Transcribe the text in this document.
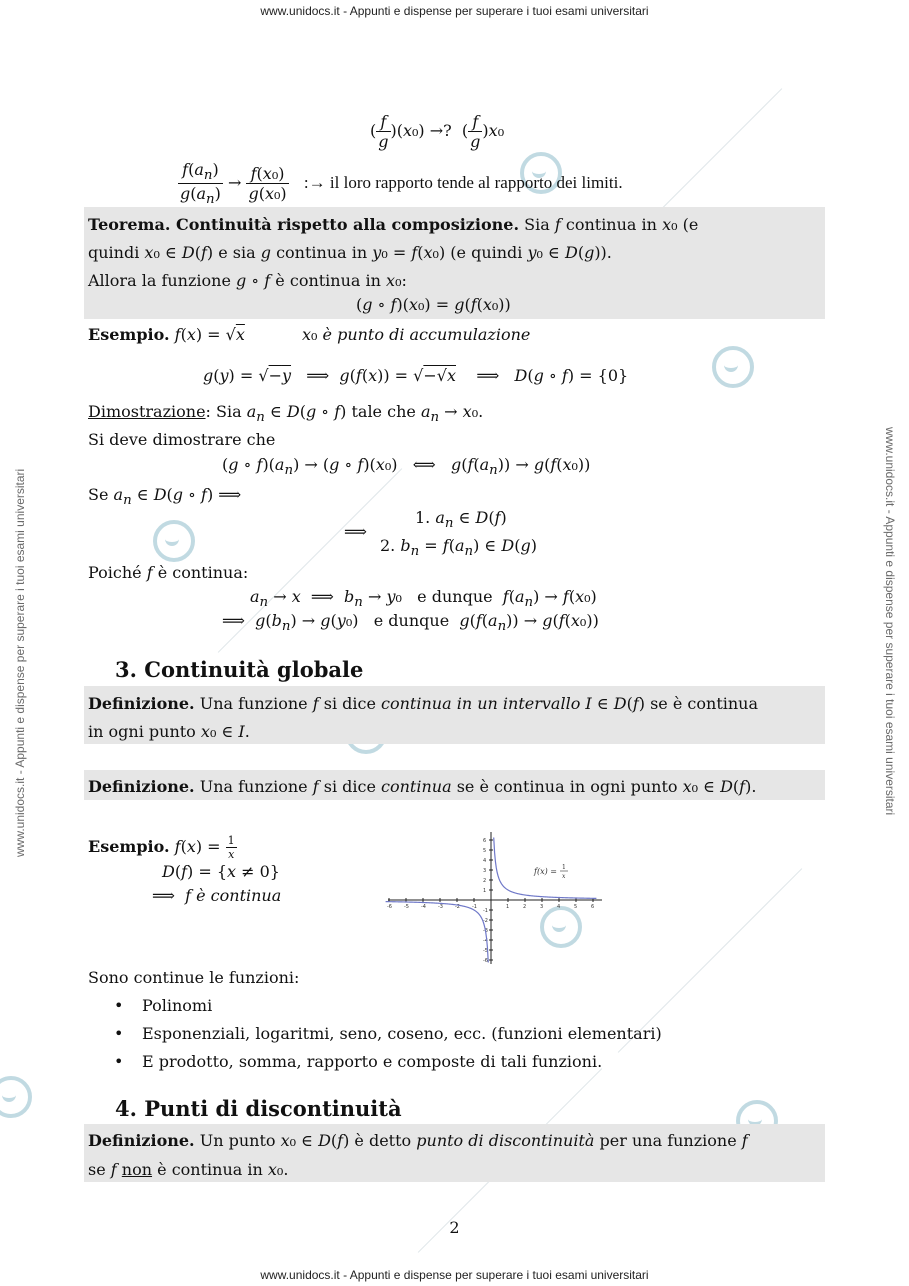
www.unidocs.it - Appunti e dispense per superare i tuoi esami universitari
www.unidocs.it - Appunti e dispense per superare i tuoi esami universitari
www.unidocs.it - Appunti e dispense per superare i tuoi esami universitari	www.unidocs.it - Appunti e dispense per superare i tuoi esami universitari
( $\frac{f}{g} )(x_0)$ →?  ( $\frac{f}{g} )x_0$
$\frac{f(a_n)}{g(a_n)} \to \frac{\text{f(x₀)}}{\text{g(x₀)}}$ :→ il loro rapporto tende al rapporto dei limiti.
Teorema. Continuità rispetto alla composizione. Sia f continua in x₀ (e
quindi x₀ ∈ D(f) e sia g continua in y₀ = f(x₀) (e quindi y₀ ∈ D(g)).
Allora la funzione g ∘ f è continua in x₀:
(g ∘ f)(x₀) = g(f(x₀))
Esempio. f(x) = √x	x₀ è punto di accumulazione
g(y) = √−y   ⟹  g(f(x)) = √−√x    ⟹   D(g ∘ f) = {0}
Dimostrazione: Sia $a_n$ ∈ D(g ∘ f) tale che $a_n \to x_0$.
Si deve dimostrare che
(g ∘ $f)(a_n) \to (g$ ∘ f)(x₀)   ⟺   $g(f(a_n)) \to g(f(x_0))$
Se $a_n$ ∈ D(g ∘ f) ⟹
⟹
1. $a_n$ ∈ D(f)
2. $b_n = f(a_n)$ ∈ D(g)
Poiché f è continua:
$a_n \to x$  ⟹  $b_n \to y_0$   e dunque $f(a_n) \to f(x_0)$
⟹  $g(b_n) \to g(y_0)$   e dunque $g(f(a_n)) \to g(f(x_0))$
3. Continuità globale
Definizione. Una funzione f si dice continua in un intervallo I ∈ D(f) se è continua
in ogni punto x₀ ∈ I.
Definizione. Una funzione f si dice continua se è continua in ogni punto x₀ ∈ D(f).
Esempio. $f(x) = \frac{1}{x}$
D(f) = {x ≠ 0}
⟹  f è continua
-6 -5 -4 -3 -2 -1	1	2	3	4	5	6
6
5
4
3
2
1
-1
-2
-3
-4
-5
-6
f(x) = 1
x
Sono continue le funzioni:
• Polinomi
• Esponenziali, logaritmi, seno, coseno, ecc. (funzioni elementari)
• E prodotto, somma, rapporto e composte di tali funzioni.
4. Punti di discontinuità
Definizione. Un punto x₀ ∈ D(f) è detto punto di discontinuità per una funzione f
se f non è continua in x₀.
2
